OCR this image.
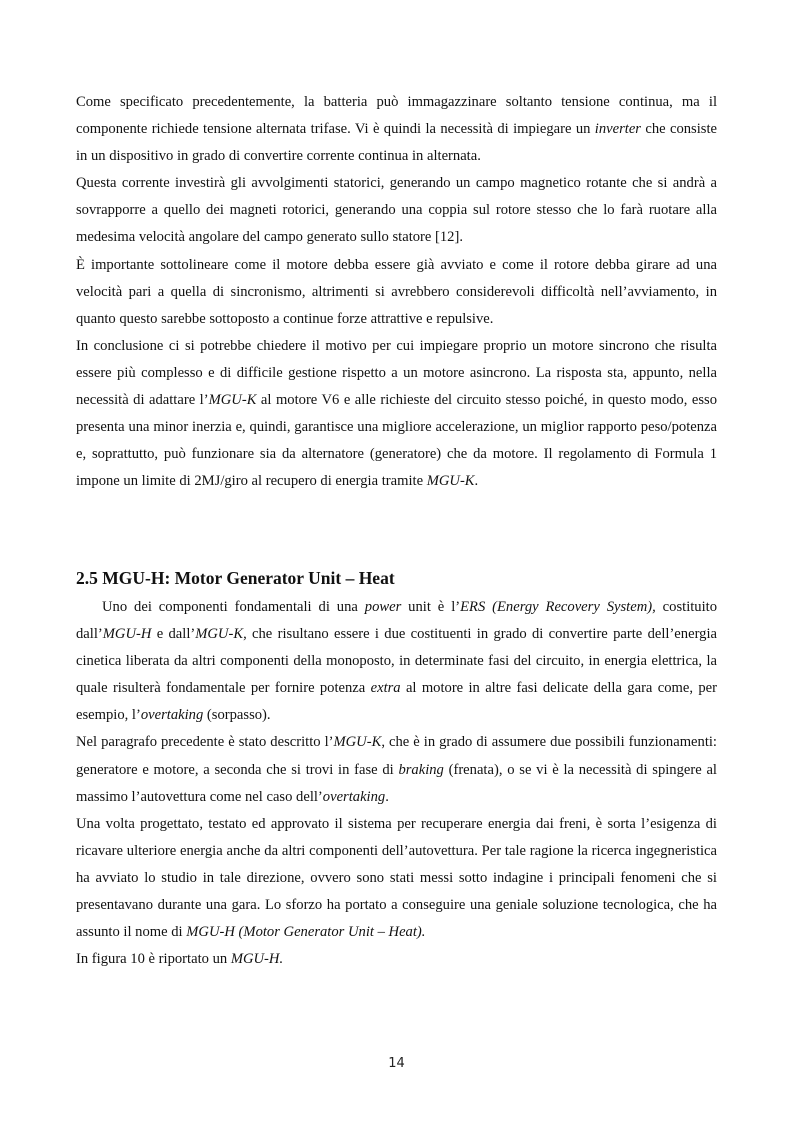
Come specificato precedentemente, la batteria può immagazzinare soltanto tensione continua, ma il componente richiede tensione alternata trifase. Vi è quindi la necessità di impiegare un inverter che consiste in un dispositivo in grado di convertire corrente continua in alternata.

Questa corrente investirà gli avvolgimenti statorici, generando un campo magnetico rotante che si andrà a sovrapporre a quello dei magneti rotorici, generando una coppia sul rotore stesso che lo farà ruotare alla medesima velocità angolare del campo generato sullo statore [12].

È importante sottolineare come il motore debba essere già avviato e come il rotore debba girare ad una velocità pari a quella di sincronismo, altrimenti si avrebbero considerevoli difficoltà nell’avviamento, in quanto questo sarebbe sottoposto a continue forze attrattive e repulsive.

In conclusione ci si potrebbe chiedere il motivo per cui impiegare proprio un motore sincrono che risulta essere più complesso e di difficile gestione rispetto a un motore asincrono. La risposta sta, appunto, nella necessità di adattare l’MGU-K al motore V6 e alle richieste del circuito stesso poiché, in questo modo, esso presenta una minor inerzia e, quindi, garantisce una migliore accelerazione, un miglior rapporto peso/potenza e, soprattutto, può funzionare sia da alternatore (generatore) che da motore. Il regolamento di Formula 1 impone un limite di 2MJ/giro al recupero di energia tramite MGU-K.

2.5 MGU-H: Motor Generator Unit – Heat

Uno dei componenti fondamentali di una power unit è l’ERS (Energy Recovery System), costituito dall’MGU-H e dall’MGU-K, che risultano essere i due costituenti in grado di convertire parte dell’energia cinetica liberata da altri componenti della monoposto, in determinate fasi del circuito, in energia elettrica, la quale risulterà fondamentale per fornire potenza extra al motore in altre fasi delicate della gara come, per esempio, l’overtaking (sorpasso).

Nel paragrafo precedente è stato descritto l’MGU-K, che è in grado di assumere due possibili funzionamenti: generatore e motore, a seconda che si trovi in fase di braking (frenata), o se vi è la necessità di spingere al massimo l’autovettura come nel caso dell’overtaking.

Una volta progettato, testato ed approvato il sistema per recuperare energia dai freni, è sorta l’esigenza di ricavare ulteriore energia anche da altri componenti dell’autovettura. Per tale ragione la ricerca ingegneristica ha avviato lo studio in tale direzione, ovvero sono stati messi sotto indagine i principali fenomeni che si presentavano durante una gara. Lo sforzo ha portato a conseguire una geniale soluzione tecnologica, che ha assunto il nome di MGU-H (Motor Generator Unit – Heat).

In figura 10 è riportato un MGU-H.

14
